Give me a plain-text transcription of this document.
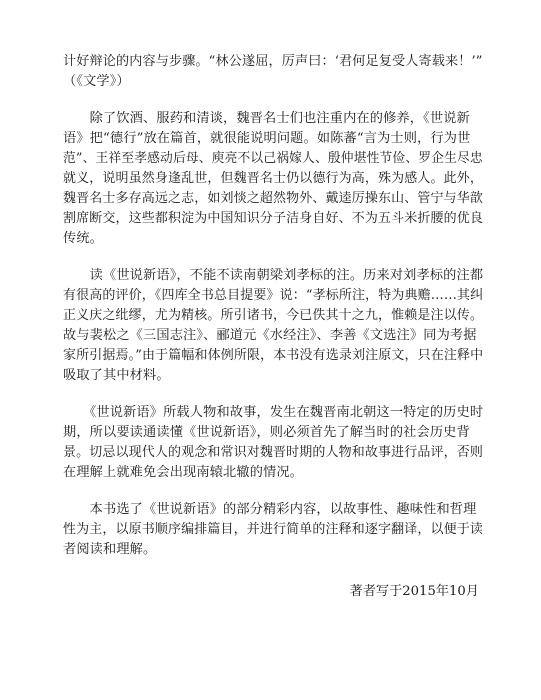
计好辩论的内容与步骤。“林公遂屈，厉声曰：‘君何足复受人寄载来！’”
（《文学》）
　　除了饮酒、服药和清谈，魏晋名士们也注重内在的修养，《世说新
语》把“德行”放在篇首，就很能说明问题。如陈蕃“言为士则，行为世
范”、王祥至孝感动后母、庾亮不以己祸嫁人、殷仲堪性节俭、罗企生尽忠
就义，说明虽然身逢乱世，但魏晋名士仍以德行为高，殊为感人。此外，
魏晋名士多存高远之志，如刘惔之超然物外、戴逵厉操东山、管宁与华歆
割席断交，这些都积淀为中国知识分子洁身自好、不为五斗米折腰的优良
传统。
　　读《世说新语》，不能不读南朝梁刘孝标的注。历来对刘孝标的注都
有很高的评价，《四库全书总目提要》说：“孝标所注，特为典赡……其纠
正义庆之纰缪，尤为精核。所引诸书，今已佚其十之九，惟赖是注以传。
故与裴松之《三国志注》、郦道元《水经注》、李善《文选注》同为考据
家所引据焉。”由于篇幅和体例所限，本书没有选录刘注原文，只在注释中
吸取了其中材料。
　　《世说新语》所载人物和故事，发生在魏晋南北朝这一特定的历史时
期，所以要读通读懂《世说新语》，则必须首先了解当时的社会历史背
景。切忌以现代人的观念和常识对魏晋时期的人物和故事进行品评，否则
在理解上就难免会出现南辕北辙的情况。
　　本书选了《世说新语》的部分精彩内容，以故事性、趣味性和哲理
性为主，以原书顺序编排篇目，并进行简单的注释和逐字翻译，以便于读
者阅读和理解。
著者写于2015年10月
